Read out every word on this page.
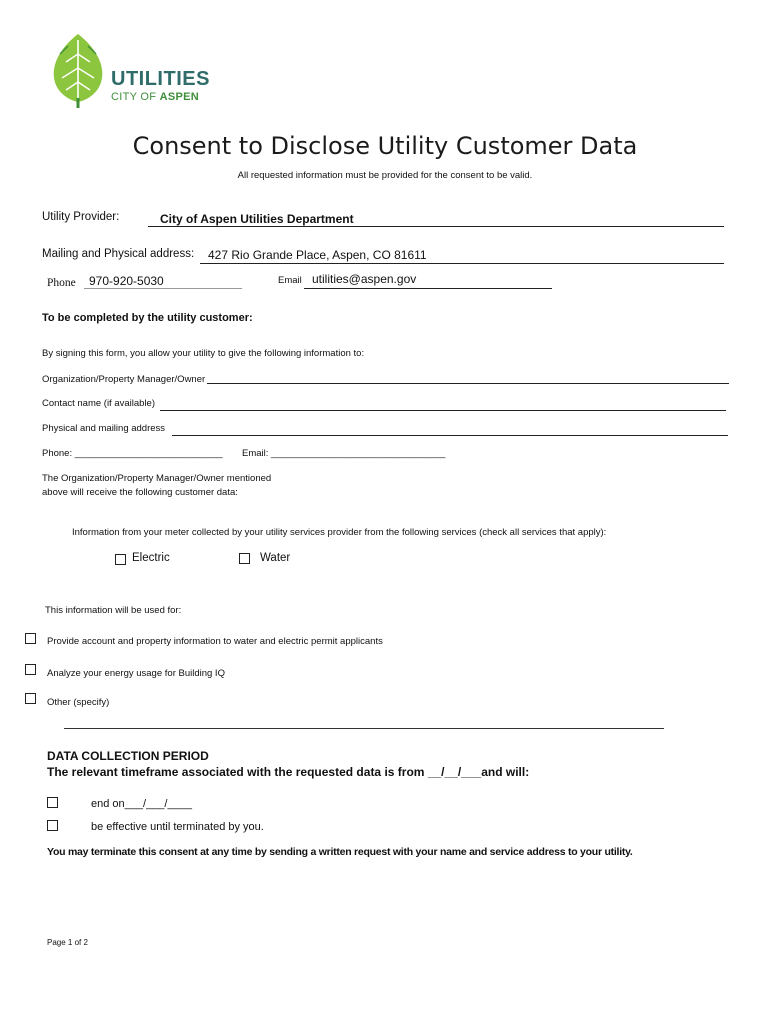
UTILITIES
CITY OF ASPEN
Consent to Disclose Utility Customer Data
All requested information must be provided for the consent to be valid.
Utility Provider:	City of Aspen Utilities Department
Mailing and Physical address: 427 Rio Grande Place, Aspen, CO 81611
Phone 970-920-5030	Email utilities@aspen.gov
To be completed by the utility customer:
By signing this form, you allow your utility to give the following information to:
Organization/Property Manager/Owner
Contact name (if available)
Physical and mailing address
Phone: ____________________________ Email: _________________________________
The Organization/Property Manager/Owner mentioned
above will receive the following customer data:
Information from your meter collected by your utility services provider from the following services (check all services that apply):
Electric	Water
This information will be used for:
Provide account and property information to water and electric permit applicants
Analyze your energy usage for Building IQ
Other (specify)
DATA COLLECTION PERIOD
The relevant timeframe associated with the requested data is from __/__/___and will:
end on___/___/____
be effective until terminated by you.
You may terminate this consent at any time by sending a written request with your name and service address to your utility.
Page 1 of 2
